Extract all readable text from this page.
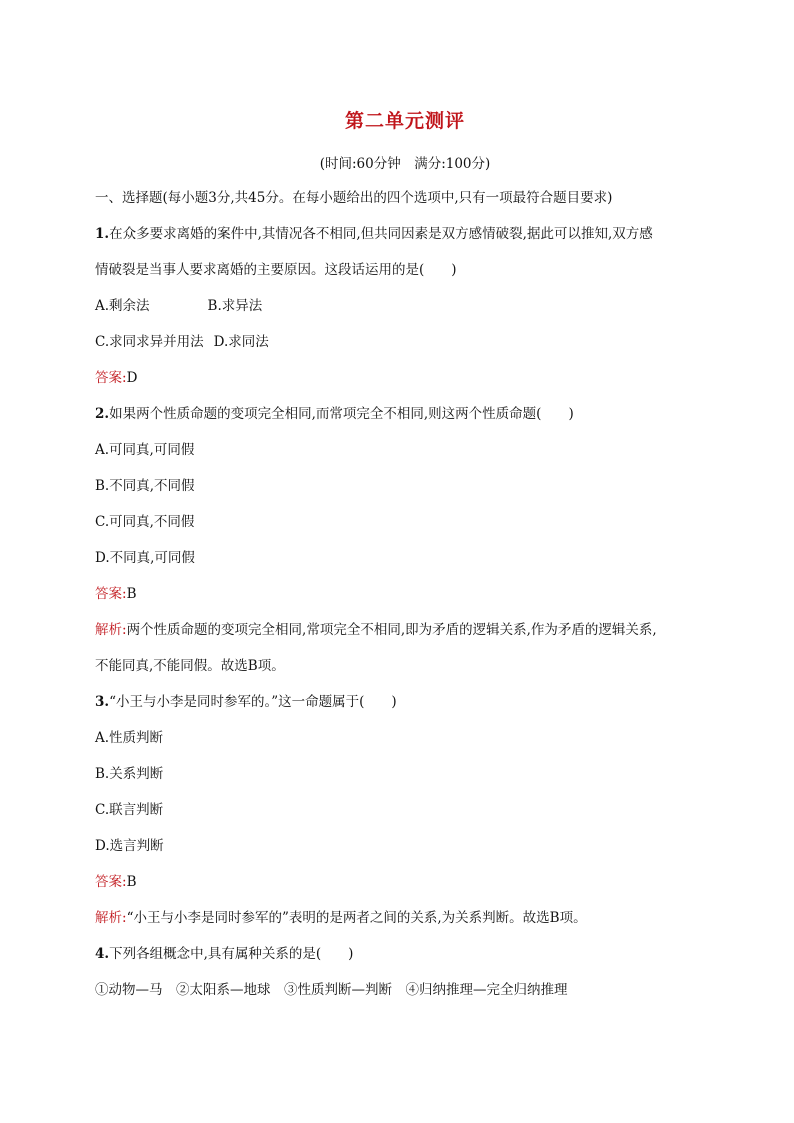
第二单元测评
(时间:60分钟　满分:100分)
一、选择题(每小题3分,共45分。在每小题给出的四个选项中,只有一项最符合题目要求)
1.在众多要求离婚的案件中,其情况各不相同,但共同因素是双方感情破裂,据此可以推知,双方感
情破裂是当事人要求离婚的主要原因。这段话运用的是(　　)
A.剩余法	B.求异法
C.求同求异并用法 D.求同法
答案:D
2.如果两个性质命题的变项完全相同,而常项完全不相同,则这两个性质命题(　　)
A.可同真,可同假
B.不同真,不同假
C.可同真,不同假
D.不同真,可同假
答案:B
解析:两个性质命题的变项完全相同,常项完全不相同,即为矛盾的逻辑关系,作为矛盾的逻辑关系,
不能同真,不能同假。故选B项。
3.“小王与小李是同时参军的。”这一命题属于(　　)
A.性质判断
B.关系判断
C.联言判断
D.选言判断
答案:B
解析:“小王与小李是同时参军的”表明的是两者之间的关系,为关系判断。故选B项。
4.下列各组概念中,具有属种关系的是(　　)
①动物—马　②太阳系—地球　③性质判断—判断　④归纳推理—完全归纳推理
